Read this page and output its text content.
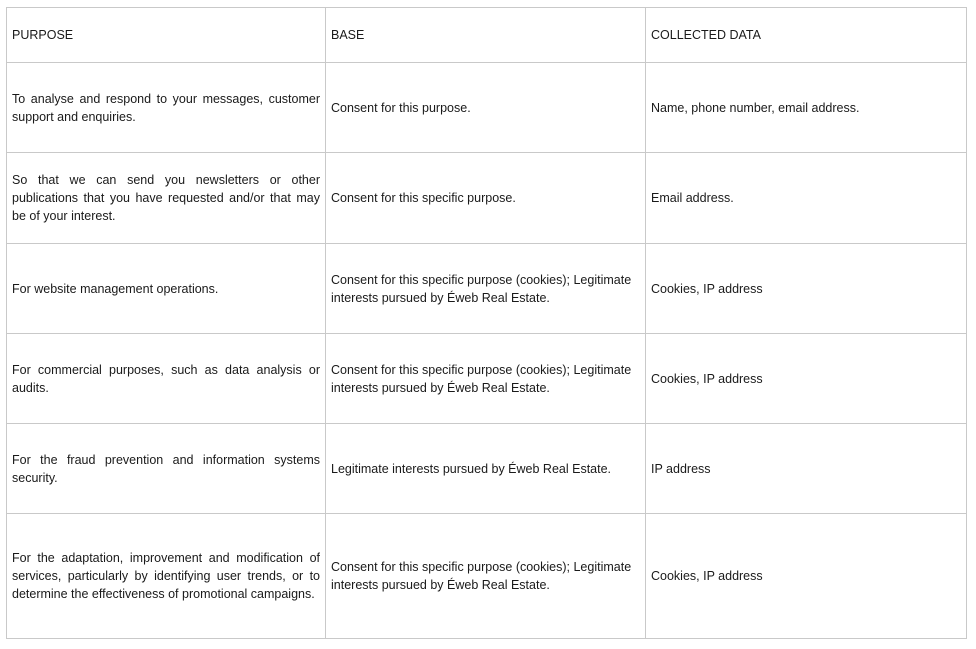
PURPOSE	BASE	COLLECTED DATA
To analyse and respond to your messages, customer support and enquiries.	Consent for this purpose.	Name, phone number, email address.
So that we can send you newsletters or other publications that you have requested and/or that may be of your interest.	Consent for this specific purpose.	Email address.
For website management operations.	Consent for this specific purpose (cookies); Legitimate interests pursued by Éweb Real Estate.	Cookies, IP address
For commercial purposes, such as data analysis or audits.	Consent for this specific purpose (cookies); Legitimate interests pursued by Éweb Real Estate.	Cookies, IP address
For the fraud prevention and information systems security.	Legitimate interests pursued by Éweb Real Estate.	IP address
For the adaptation, improvement and modification of services, particularly by identifying user trends, or to determine the effectiveness of promotional campaigns.	Consent for this specific purpose (cookies); Legitimate interests pursued by Éweb Real Estate.	Cookies, IP address
